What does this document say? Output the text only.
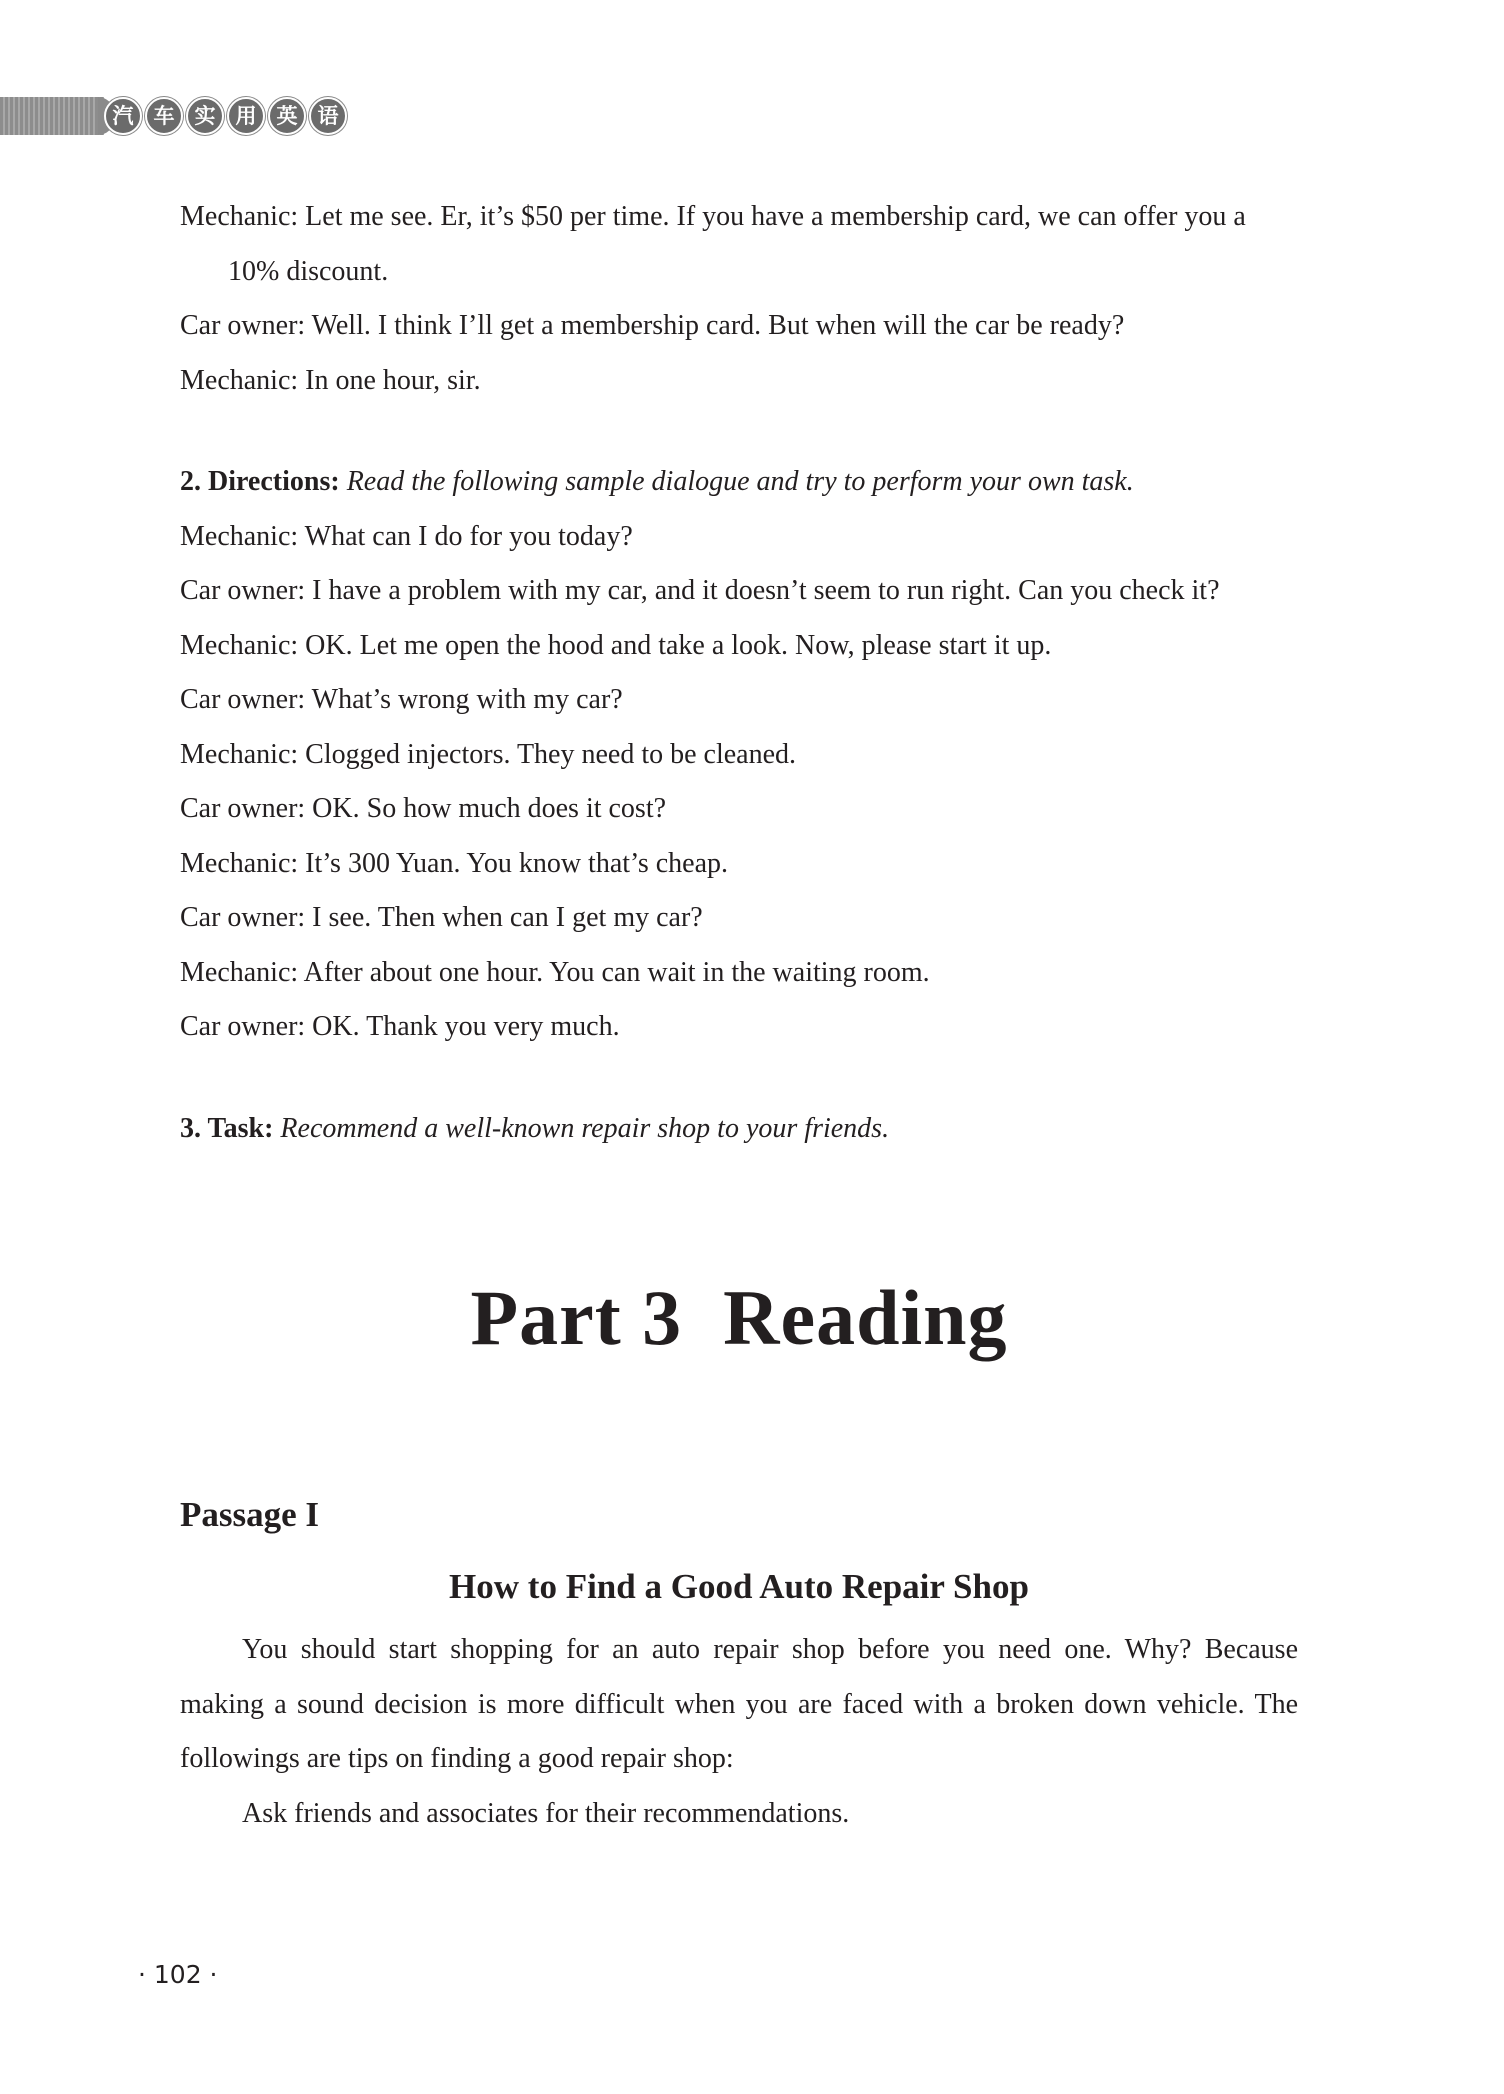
汽 车 实 用 英 语
Mechanic: Let me see. Er, it’s $50 per time. If you have a membership card, we can offer you a
10% discount.
Car owner: Well. I think I’ll get a membership card. But when will the car be ready?
Mechanic: In one hour, sir.
2. Directions: Read the following sample dialogue and try to perform your own task.
Mechanic: What can I do for you today?
Car owner: I have a problem with my car, and it doesn’t seem to run right. Can you check it?
Mechanic: OK. Let me open the hood and take a look. Now, please start it up.
Car owner: What’s wrong with my car?
Mechanic: Clogged injectors. They need to be cleaned.
Car owner: OK. So how much does it cost?
Mechanic: It’s 300 Yuan. You know that’s cheap.
Car owner: I see. Then when can I get my car?
Mechanic: After about one hour. You can wait in the waiting room.
Car owner: OK. Thank you very much.
3. Task: Recommend a well-known repair shop to your friends.
Part 3  Reading
Passage I
How to Find a Good Auto Repair Shop
You should start shopping for an auto repair shop before you need one. Why? Because making a sound decision is more difficult when you are faced with a broken down vehicle. The followings are tips on finding a good repair shop:
Ask friends and associates for their recommendations.
· 102 ·
